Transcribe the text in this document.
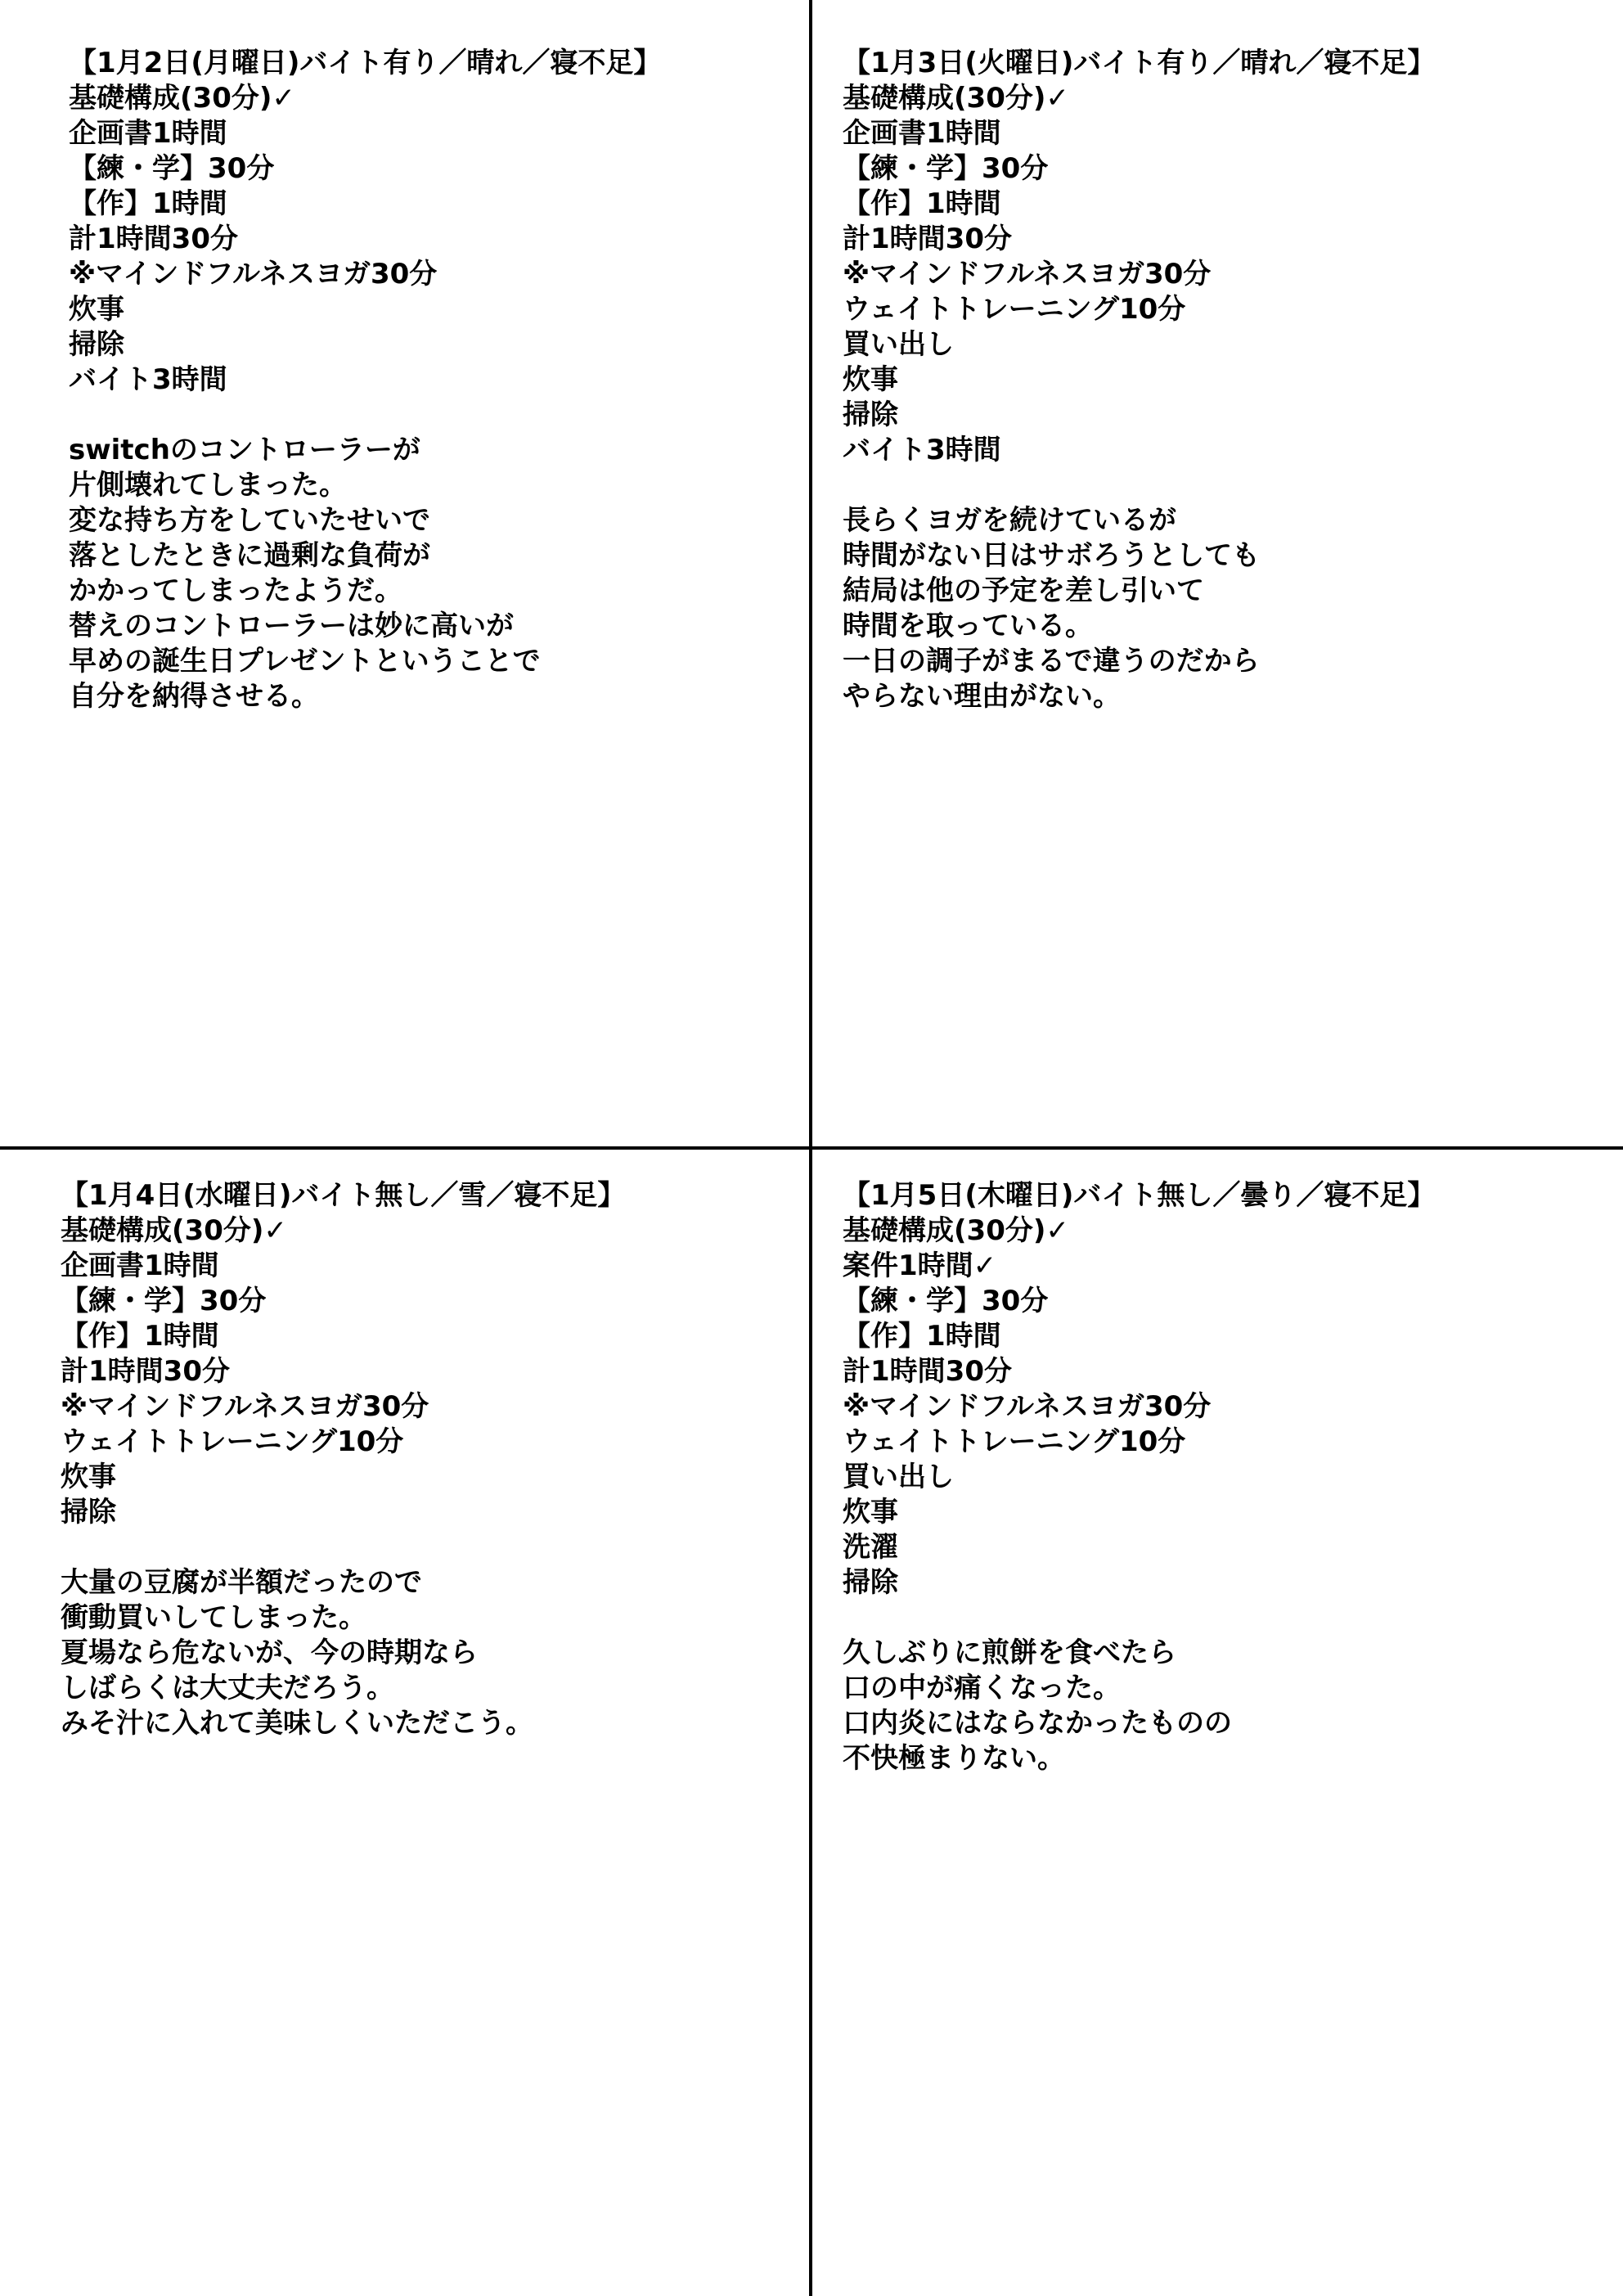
【1月2日(月曜日)バイト有り／晴れ／寝不足】
基礎構成(30分)✓
企画書1時間
【練・学】30分
【作】1時間
計1時間30分
※マインドフルネスヨガ30分
炊事
掃除
バイト3時間
switchのコントローラーが
片側壊れてしまった。
変な持ち方をしていたせいで
落としたときに過剰な負荷が
かかってしまったようだ。
替えのコントローラーは妙に高いが
早めの誕生日プレゼントということで
自分を納得させる。
【1月3日(火曜日)バイト有り／晴れ／寝不足】
基礎構成(30分)✓
企画書1時間
【練・学】30分
【作】1時間
計1時間30分
※マインドフルネスヨガ30分
ウェイトトレーニング10分
買い出し
炊事
掃除
バイト3時間
長らくヨガを続けているが
時間がない日はサボろうとしても
結局は他の予定を差し引いて
時間を取っている。
一日の調子がまるで違うのだから
やらない理由がない。
【1月4日(水曜日)バイト無し／雪／寝不足】
基礎構成(30分)✓
企画書1時間
【練・学】30分
【作】1時間
計1時間30分
※マインドフルネスヨガ30分
ウェイトトレーニング10分
炊事
掃除
大量の豆腐が半額だったので
衝動買いしてしまった。
夏場なら危ないが、今の時期なら
しばらくは大丈夫だろう。
みそ汁に入れて美味しくいただこう。
【1月5日(木曜日)バイト無し／曇り／寝不足】
基礎構成(30分)✓
案件1時間✓
【練・学】30分
【作】1時間
計1時間30分
※マインドフルネスヨガ30分
ウェイトトレーニング10分
買い出し
炊事
洗濯
掃除
久しぶりに煎餅を食べたら
口の中が痛くなった。
口内炎にはならなかったものの
不快極まりない。
